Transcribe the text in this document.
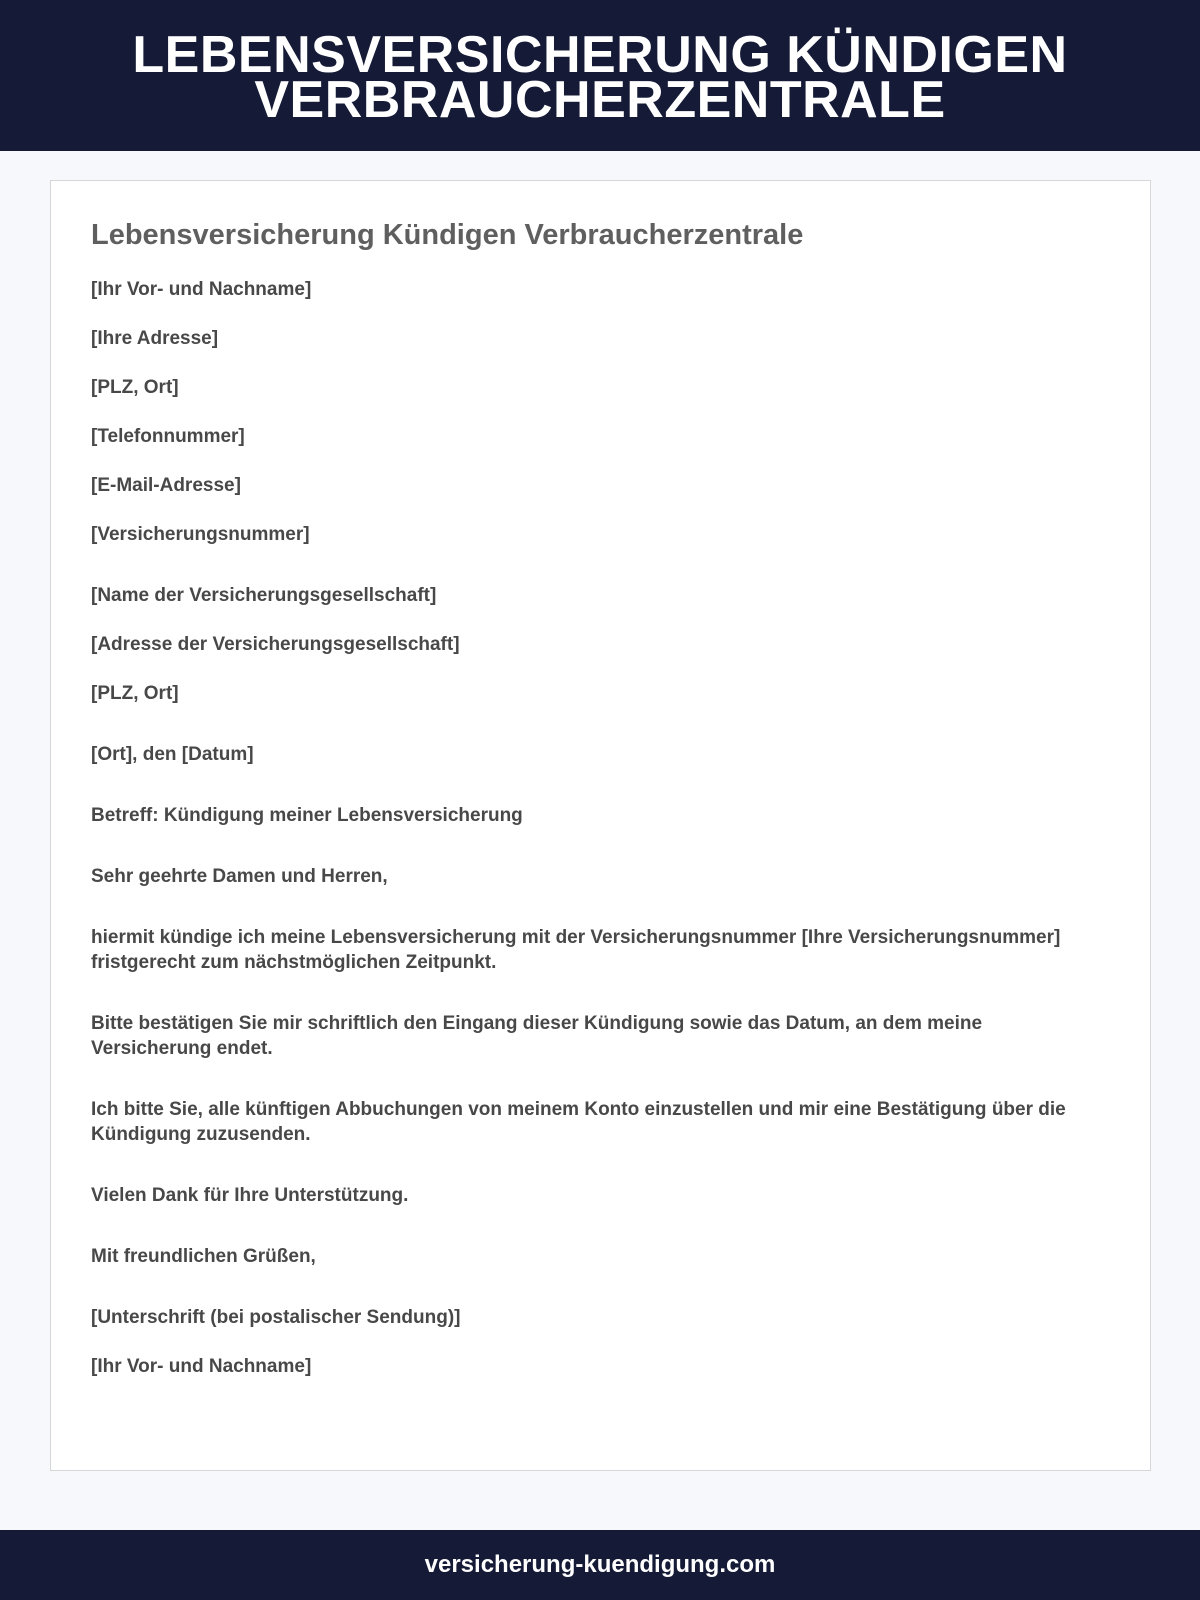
LEBENSVERSICHERUNG KÜNDIGEN
VERBRAUCHERZENTRALE
Lebensversicherung Kündigen Verbraucherzentrale
[Ihr Vor- und Nachname]
[Ihre Adresse]
[PLZ, Ort]
[Telefonnummer]
[E-Mail-Adresse]
[Versicherungsnummer]
[Name der Versicherungsgesellschaft]
[Adresse der Versicherungsgesellschaft]
[PLZ, Ort]
[Ort], den [Datum]
Betreff: Kündigung meiner Lebensversicherung
Sehr geehrte Damen und Herren,
hiermit kündige ich meine Lebensversicherung mit der Versicherungsnummer [Ihre Versicherungsnummer] fristgerecht zum nächstmöglichen Zeitpunkt.
Bitte bestätigen Sie mir schriftlich den Eingang dieser Kündigung sowie das Datum, an dem meine Versicherung endet.
Ich bitte Sie, alle künftigen Abbuchungen von meinem Konto einzustellen und mir eine Bestätigung über die Kündigung zuzusenden.
Vielen Dank für Ihre Unterstützung.
Mit freundlichen Grüßen,
[Unterschrift (bei postalischer Sendung)]
[Ihr Vor- und Nachname]
versicherung-kuendigung.com
